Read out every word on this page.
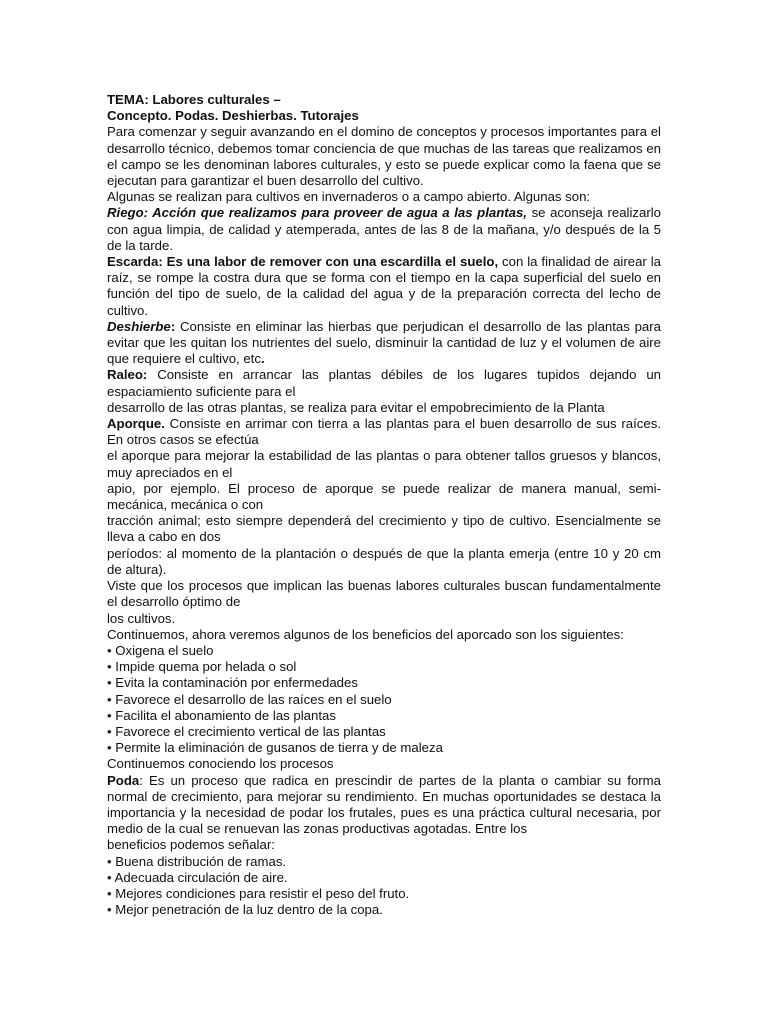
TEMA: Labores culturales –

Concepto. Podas. Deshierbas. Tutorajes

Para comenzar y seguir avanzando en el domino de conceptos y procesos importantes para el desarrollo técnico, debemos tomar conciencia de que muchas de las tareas que realizamos en el campo se les denominan labores culturales, y esto se puede explicar como la faena que se ejecutan para garantizar el buen desarrollo del cultivo.

Algunas se realizan para cultivos en invernaderos o a campo abierto. Algunas son:

Riego: Acción que realizamos para proveer de agua a las plantas, se aconseja realizarlo con agua limpia, de calidad y atemperada, antes de las 8 de la mañana, y/o después de la 5 de la tarde.

Escarda: Es una labor de remover con una escardilla el suelo, con la finalidad de airear la raíz, se rompe la costra dura que se forma con el tiempo en la capa superficial del suelo en función del tipo de suelo, de la calidad del agua y de la preparación correcta del lecho de cultivo.

Deshierbe: Consiste en eliminar las hierbas que perjudican el desarrollo de las plantas para evitar que les quitan los nutrientes del suelo, disminuir la cantidad de luz y el volumen de aire que requiere el cultivo, etc.

Raleo: Consiste en arrancar las plantas débiles de los lugares tupidos dejando un espaciamiento suficiente para el

desarrollo de las otras plantas, se realiza para evitar el empobrecimiento de la Planta

Aporque. Consiste en arrimar con tierra a las plantas para el buen desarrollo de sus raíces. En otros casos se efectúa

el aporque para mejorar la estabilidad de las plantas o para obtener tallos gruesos y blancos, muy apreciados en el

apio, por ejemplo. El proceso de aporque se puede realizar de manera manual, semi-mecánica, mecánica o con

tracción animal; esto siempre dependerá del crecimiento y tipo de cultivo. Esencialmente se lleva a cabo en dos

períodos: al momento de la plantación o después de que la planta emerja (entre 10 y 20 cm de altura).

Viste que los procesos que implican las buenas labores culturales buscan fundamentalmente el desarrollo óptimo de

los cultivos.

Continuemos, ahora veremos algunos de los beneficios del aporcado son los siguientes:

• Oxigena el suelo

• Impide quema por helada o sol

• Evita la contaminación por enfermedades

• Favorece el desarrollo de las raíces en el suelo

• Facilita el abonamiento de las plantas

• Favorece el crecimiento vertical de las plantas

• Permite la eliminación de gusanos de tierra y de maleza

Continuemos conociendo los procesos

Poda: Es un proceso que radica en prescindir de partes de la planta o cambiar su forma normal de crecimiento, para mejorar su rendimiento. En muchas oportunidades se destaca la importancia y la necesidad de podar los frutales, pues es una práctica cultural necesaria, por medio de la cual se renuevan las zonas productivas agotadas. Entre los

beneficios podemos señalar:

• Buena distribución de ramas.

• Adecuada circulación de aire.

• Mejores condiciones para resistir el peso del fruto.

• Mejor penetración de la luz dentro de la copa.
